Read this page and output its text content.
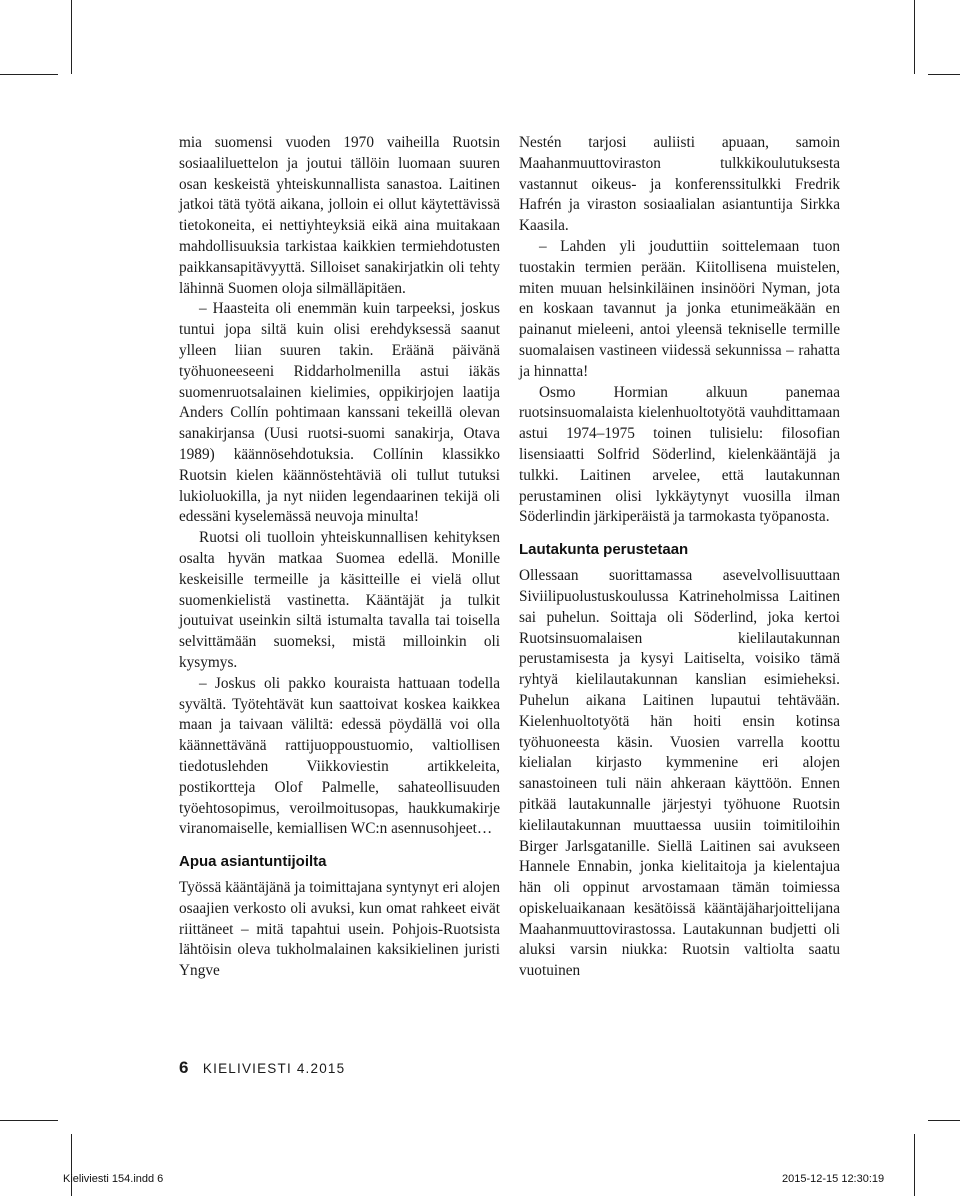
mia suomensi vuoden 1970 vaiheilla Ruotsin sosiaaliluettelon ja joutui tällöin luomaan suuren osan keskeistä yhteiskunnallista sanastoa. Laitinen jatkoi tätä työtä aikana, jolloin ei ollut käytettävissä tietokoneita, ei nettiyhteyksiä eikä aina muitakaan mahdollisuuksia tarkistaa kaikkien termiehdotusten paikkansapitävyyttä. Silloiset sanakirjatkin oli tehty lähinnä Suomen oloja silmälläpitäen.

– Haasteita oli enemmän kuin tarpeeksi, joskus tuntui jopa siltä kuin olisi erehdyksessä saanut ylleen liian suuren takin. Eräänä päivänä työhuoneeseeni Riddarholmenilla astui iäkäs suomenruotsalainen kielimies, oppikirjojen laatija Anders Collín pohtimaan kanssani tekeillä olevan sanakirjansa (Uusi ruotsi-suomi sanakirja, Otava 1989) käännösehdotuksia. Collínin klassikko Ruotsin kielen käännöstehtäviä oli tullut tutuksi lukioluokilla, ja nyt niiden legendaarinen tekijä oli edessäni kyselemässä neuvoja minulta!

Ruotsi oli tuolloin yhteiskunnallisen kehityksen osalta hyvän matkaa Suomea edellä. Monille keskeisille termeille ja käsitteille ei vielä ollut suomenkielistä vastinetta. Kääntäjät ja tulkit joutuivat useinkin siltä istumalta tavalla tai toisella selvittämään suomeksi, mistä milloinkin oli kysymys.

– Joskus oli pakko kouraista hattuaan todella syvältä. Työtehtävät kun saattoivat koskea kaikkea maan ja taivaan väliltä: edessä pöydällä voi olla käännettävänä rattijuoppoustuomio, valtiollisen tiedotuslehden Viikkoviestin artikkeleita, postikortteja Olof Palmelle, sahateollisuuden työehtosopimus, veroilmoitusopas, haukkumakirje viranomaiselle, kemiallisen WC:n asennusohjeet…

Apua asiantuntijoilta

Työssä kääntäjänä ja toimittajana syntynyt eri alojen osaajien verkosto oli avuksi, kun omat rahkeet eivät riittäneet – mitä tapahtui usein. Pohjois-Ruotsista lähtöisin oleva tukholmalainen kaksikielinen juristi Yngve

Nestén tarjosi auliisti apuaan, samoin Maahanmuuttoviraston tulkkikoulutuksesta vastannut oikeus- ja konferenssitulkki Fredrik Hafrén ja viraston sosiaalialan asiantuntija Sirkka Kaasila.

– Lahden yli jouduttiin soittelemaan tuon tuostakin termien perään. Kiitollisena muistelen, miten muuan helsinkiläinen insinööri Nyman, jota en koskaan tavannut ja jonka etunimeäkään en painanut mieleeni, antoi yleensä tekniselle termille suomalaisen vastineen viidessä sekunnissa – rahatta ja hinnatta!

Osmo Hormian alkuun panemaa ruotsinsuomalaista kielenhuoltotyötä vauhdittamaan astui 1974–1975 toinen tulisielu: filosofian lisensiaatti Solfrid Söderlind, kielenkääntäjä ja tulkki. Laitinen arvelee, että lautakunnan perustaminen olisi lykkäytynyt vuosilla ilman Söderlindin järkiperäistä ja tarmokasta työpanosta.

Lautakunta perustetaan

Ollessaan suorittamassa asevelvollisuuttaan Siviilipuolustuskoulussa Katrineholmissa Laitinen sai puhelun. Soittaja oli Söderlind, joka kertoi Ruotsinsuomalaisen kielilautakunnan perustamisesta ja kysyi Laitiselta, voisiko tämä ryhtyä kielilautakunnan kanslian esimieheksi. Puhelun aikana Laitinen lupautui tehtävään. Kielenhuoltotyötä hän hoiti ensin kotinsa työhuoneesta käsin. Vuosien varrella koottu kielialan kirjasto kymmenine eri alojen sanastoineen tuli näin ahkeraan käyttöön. Ennen pitkää lautakunnalle järjestyi työhuone Ruotsin kielilautakunnan muuttaessa uusiin toimitiloihin Birger Jarlsgatanille. Siellä Laitinen sai avukseen Hannele Ennabin, jonka kielitaitoja ja kielentajua hän oli oppinut arvostamaan tämän toimiessa opiskeluaikanaan kesätöissä kääntäjäharjoittelijana Maahanmuuttovirastossa. Lautakunnan budjetti oli aluksi varsin niukka: Ruotsin valtiolta saatu vuotuinen

6 KIELIVIESTI 4.2015
Kieliviesti 154.indd 6	2015-12-15 12:30:19
